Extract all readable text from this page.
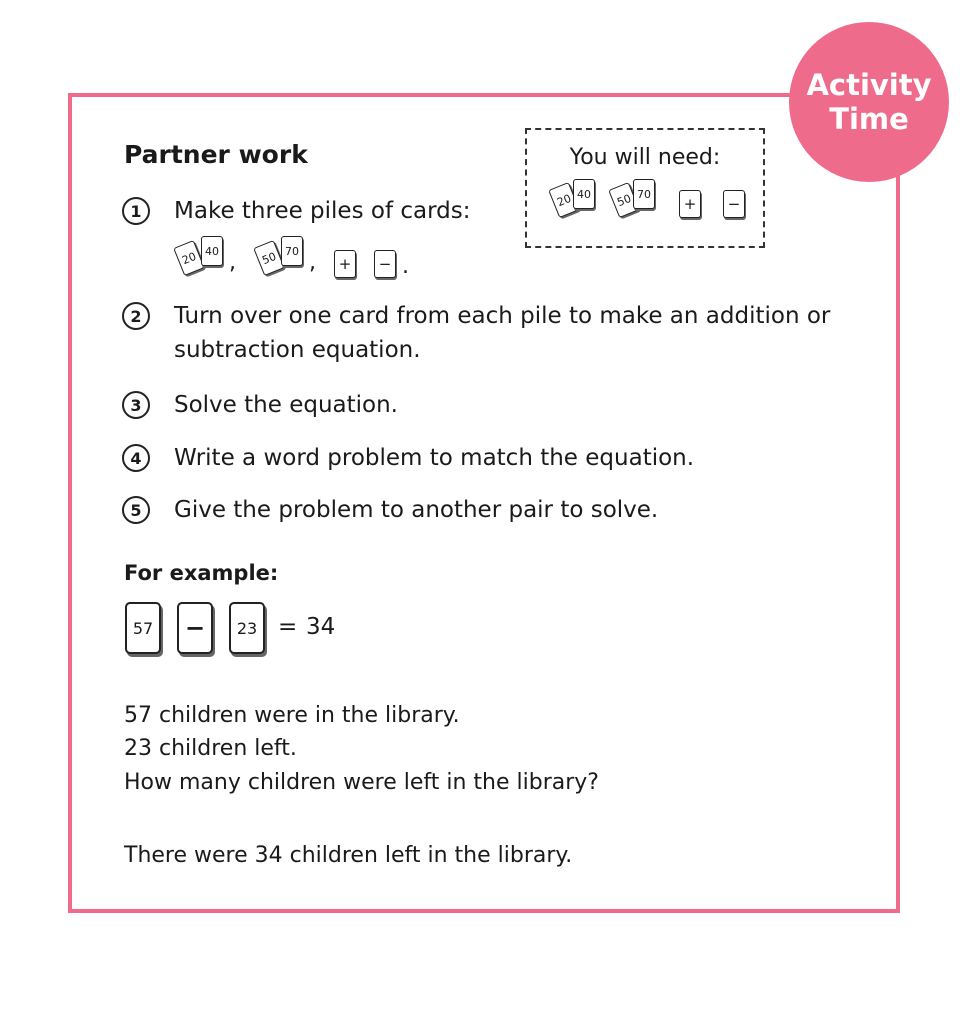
Activity
Time
Partner work	You will need:
20 40	50 70
+	−
1	Make three piles of cards:
20 40 ,	50 70 ,	+	− .
2	Turn over one card from each pile to make an addition or subtraction equation.
3	Solve the equation.
4	Write a word problem to match the equation.
5	Give the problem to another pair to solve.
For example:
57	−	23 = 34
57 children were in the library.
23 children left.
How many children were left in the library?
There were 34 children left in the library.
